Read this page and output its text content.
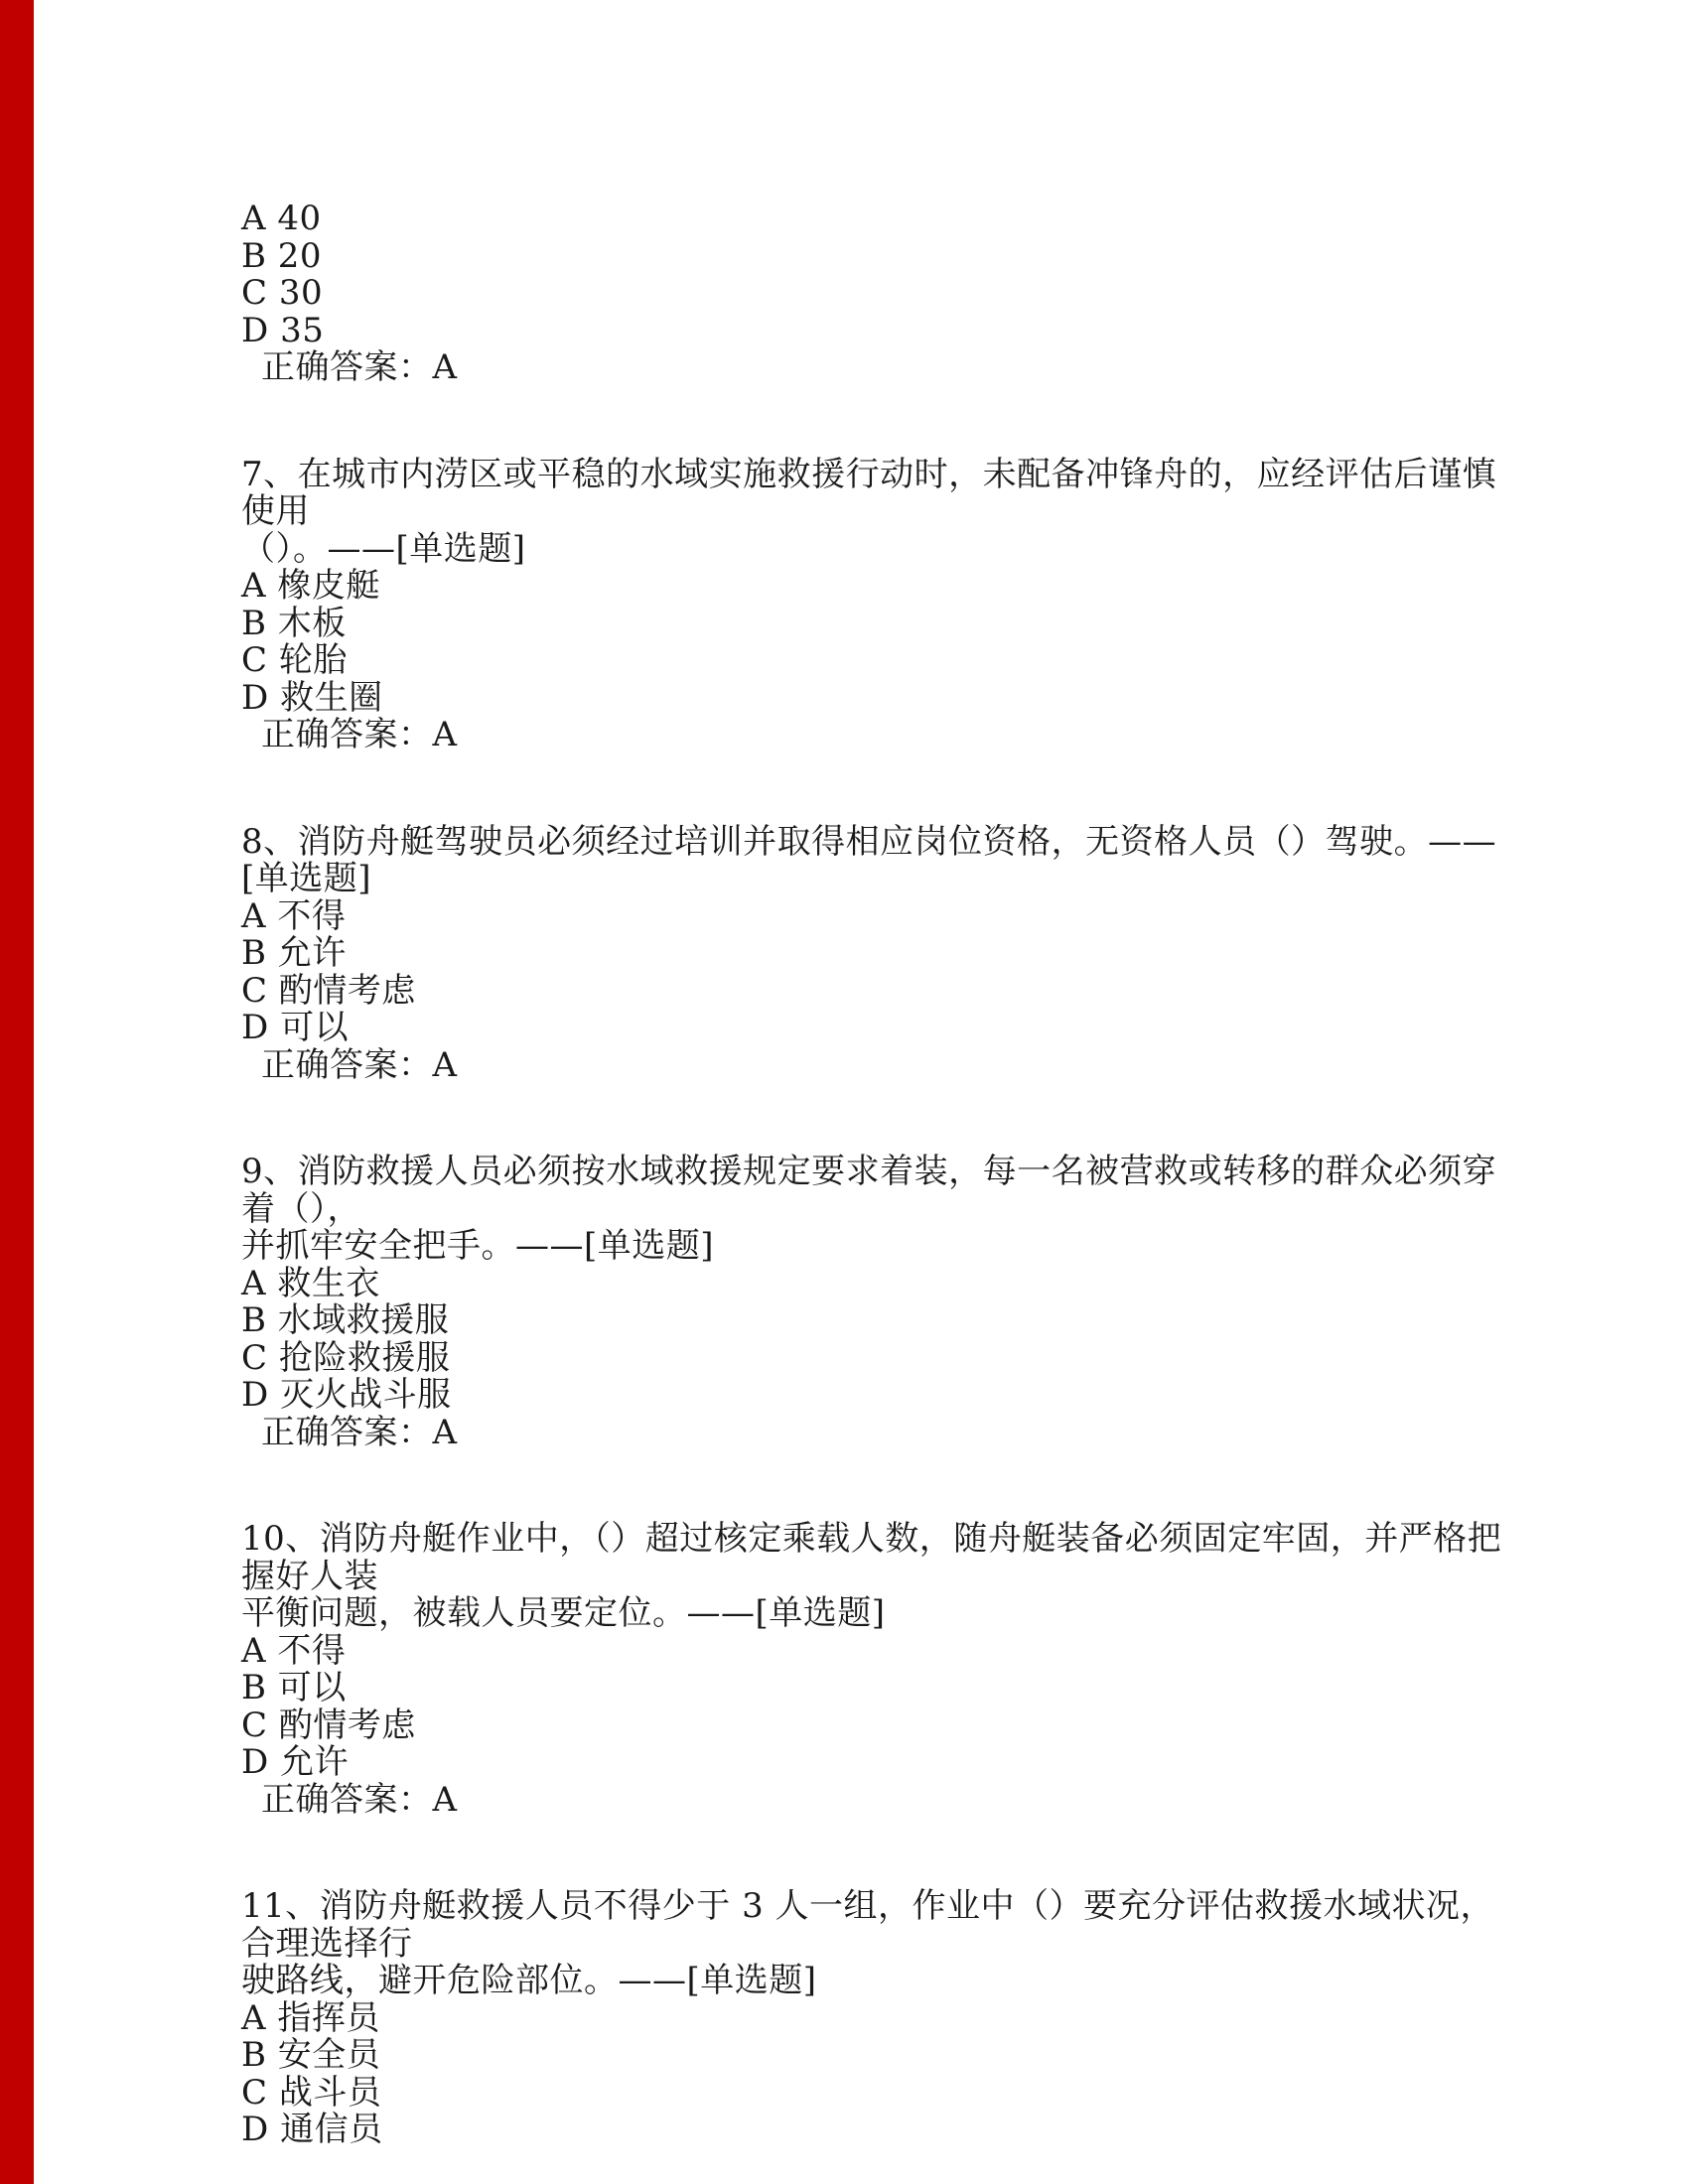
A 40
B 20
C 30
D 35
正确答案：A
7、在城市内涝区或平稳的水域实施救援行动时，未配备冲锋舟的，应经评估后谨慎使用
（）。——[单选题]
A 橡皮艇
B 木板
C 轮胎
D 救生圈
正确答案：A
8、消防舟艇驾驶员必须经过培训并取得相应岗位资格，无资格人员（）驾驶。——[单选题]
A 不得
B 允许
C 酌情考虑
D 可以
正确答案：A
9、消防救援人员必须按水域救援规定要求着装，每一名被营救或转移的群众必须穿着（），
并抓牢安全把手。——[单选题]
A 救生衣
B 水域救援服
C 抢险救援服
D 灭火战斗服
正确答案：A
10、消防舟艇作业中，（）超过核定乘载人数，随舟艇装备必须固定牢固，并严格把握好人装
平衡问题，被载人员要定位。——[单选题]
A 不得
B 可以
C 酌情考虑
D 允许
正确答案：A
11、消防舟艇救援人员不得少于 3 人一组，作业中（）要充分评估救援水域状况，合理选择行
驶路线，避开危险部位。——[单选题]
A 指挥员
B 安全员
C 战斗员
D 通信员
